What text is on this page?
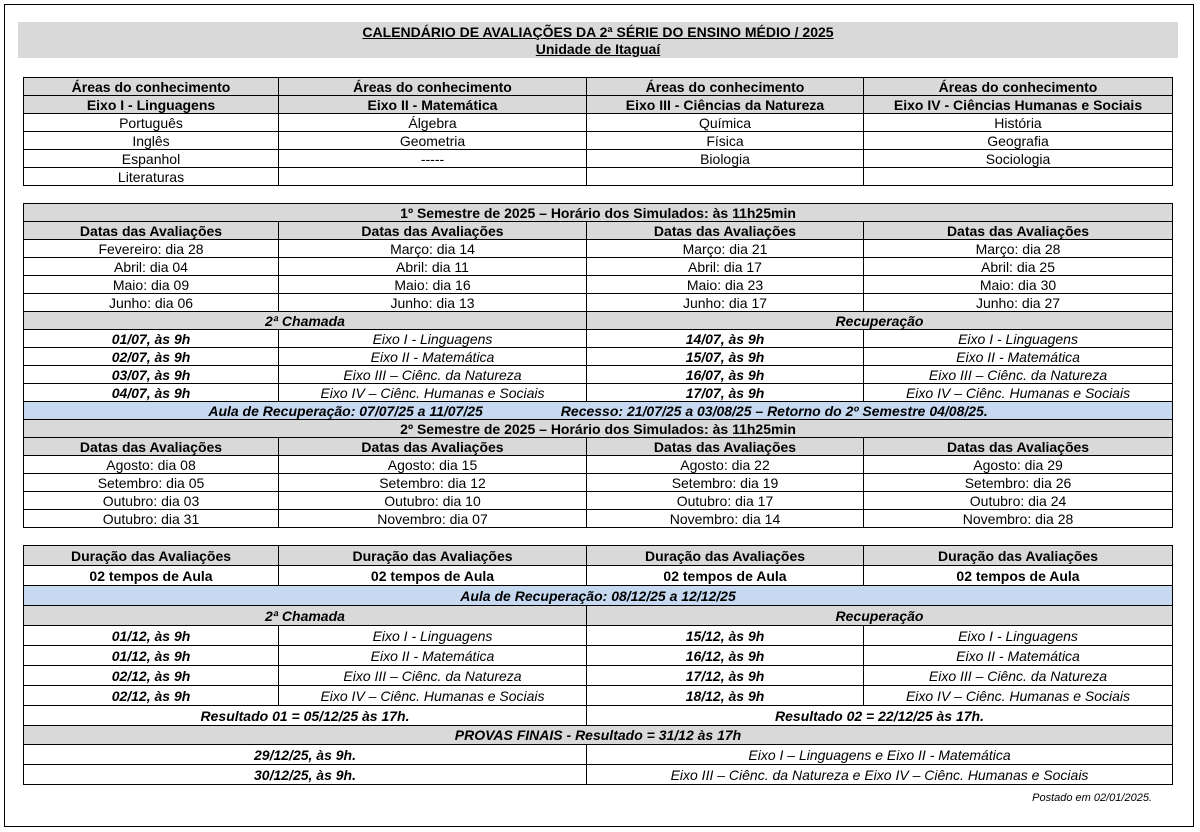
CALENDÁRIO DE AVALIAÇÕES DA 2ª SÉRIE DO ENSINO MÉDIO / 2025
Unidade de Itaguaí
Áreas do conhecimento	Áreas do conhecimento	Áreas do conhecimento	Áreas do conhecimento
Eixo I - Linguagens	Eixo II - Matemática	Eixo III - Ciências da Natureza	Eixo IV - Ciências Humanas e Sociais
Português	Álgebra	Química	História
Inglês	Geometria	Física	Geografia
Espanhol	-----	Biologia	Sociologia
Literaturas			
1º Semestre de 2025 – Horário dos Simulados: às 11h25min			
Datas das Avaliações	Datas das Avaliações	Datas das Avaliações	Datas das Avaliações
Fevereiro: dia 28	Março: dia 14	Março: dia 21	Março: dia 28
Abril: dia 04	Abril: dia 11	Abril: dia 17	Abril: dia 25
Maio: dia 09	Maio: dia 16	Maio: dia 23	Maio: dia 30
Junho: dia 06	Junho: dia 13	Junho: dia 17	Junho: dia 27
2ª Chamada		Recuperação	
01/07, às 9h	Eixo I - Linguagens	14/07, às 9h	Eixo I - Linguagens
02/07, às 9h	Eixo II - Matemática	15/07, às 9h	Eixo II - Matemática
03/07, às 9h	Eixo III – Ciênc. da Natureza	16/07, às 9h	Eixo III – Ciênc. da Natureza
04/07, às 9h	Eixo IV – Ciênc. Humanas e Sociais	17/07, às 9h	Eixo IV – Ciênc. Humanas e Sociais
Aula de Recuperação: 07/07/25 a 11/07/25 Recesso: 21/07/25 a 03/08/25 – Retorno do 2º Semestre 04/08/25.			
2º Semestre de 2025 – Horário dos Simulados: às 11h25min			
Datas das Avaliações	Datas das Avaliações	Datas das Avaliações	Datas das Avaliações
Agosto: dia 08	Agosto: dia 15	Agosto: dia 22	Agosto: dia 29
Setembro: dia 05	Setembro: dia 12	Setembro: dia 19	Setembro: dia 26
Outubro: dia 03	Outubro: dia 10	Outubro: dia 17	Outubro: dia 24
Outubro: dia 31	Novembro: dia 07	Novembro: dia 14	Novembro: dia 28
Duração das Avaliações	Duração das Avaliações	Duração das Avaliações	Duração das Avaliações
02 tempos de Aula	02 tempos de Aula	02 tempos de Aula	02 tempos de Aula
Aula de Recuperação: 08/12/25 a 12/12/25			
2ª Chamada		Recuperação	
01/12, às 9h	Eixo I - Linguagens	15/12, às 9h	Eixo I - Linguagens
01/12, às 9h	Eixo II - Matemática	16/12, às 9h	Eixo II - Matemática
02/12, às 9h	Eixo III – Ciênc. da Natureza	17/12, às 9h	Eixo III – Ciênc. da Natureza
02/12, às 9h	Eixo IV – Ciênc. Humanas e Sociais	18/12, às 9h	Eixo IV – Ciênc. Humanas e Sociais
Resultado 01 = 05/12/25 às 17h.		Resultado 02 = 22/12/25 às 17h.	
PROVAS FINAIS - Resultado = 31/12 às 17h			
29/12/25, às 9h.		Eixo I – Linguagens e Eixo II - Matemática	
30/12/25, às 9h.		Eixo III – Ciênc. da Natureza e Eixo IV – Ciênc. Humanas e Sociais	
Postado em 02/01/2025.
